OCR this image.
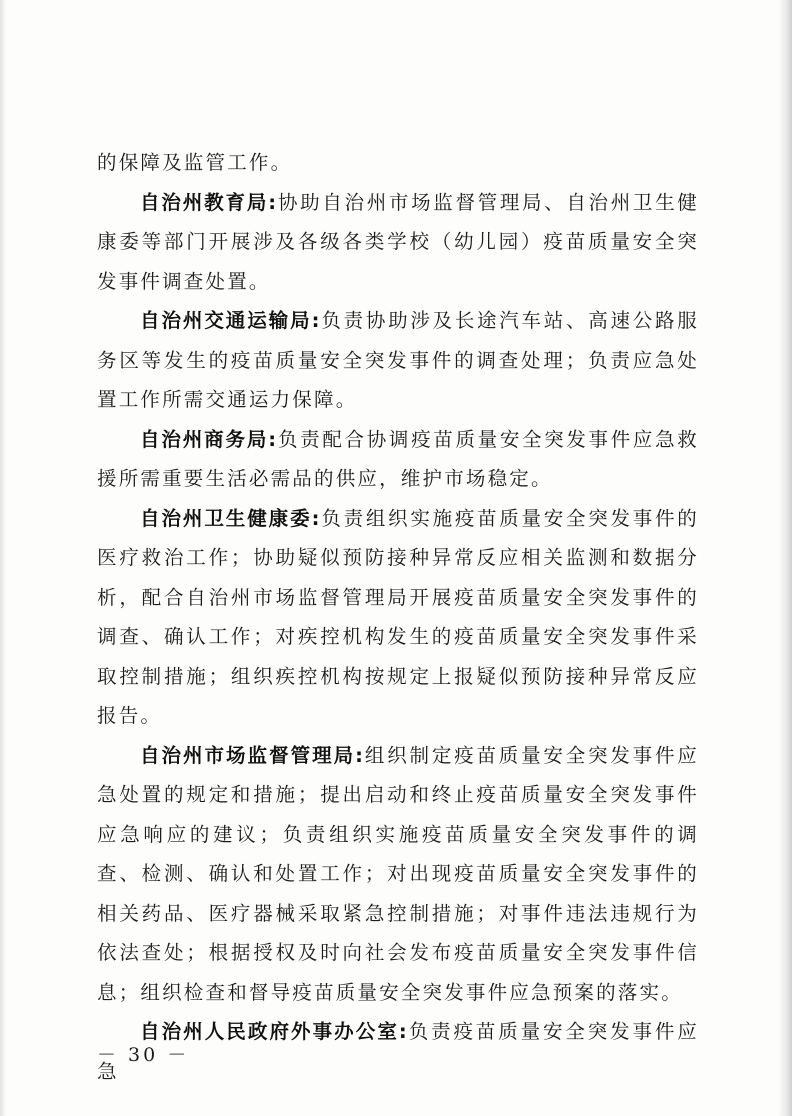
的保障及监管工作。

自治州教育局:协助自治州市场监督管理局、自治州卫生健康委等部门开展涉及各级各类学校（幼儿园）疫苗质量安全突发事件调查处置。

自治州交通运输局:负责协助涉及长途汽车站、高速公路服务区等发生的疫苗质量安全突发事件的调查处理；负责应急处置工作所需交通运力保障。

自治州商务局:负责配合协调疫苗质量安全突发事件应急救援所需重要生活必需品的供应，维护市场稳定。

自治州卫生健康委:负责组织实施疫苗质量安全突发事件的医疗救治工作；协助疑似预防接种异常反应相关监测和数据分析，配合自治州市场监督管理局开展疫苗质量安全突发事件的调查、确认工作；对疾控机构发生的疫苗质量安全突发事件采取控制措施；组织疾控机构按规定上报疑似预防接种异常反应报告。

自治州市场监督管理局:组织制定疫苗质量安全突发事件应急处置的规定和措施；提出启动和终止疫苗质量安全突发事件应急响应的建议；负责组织实施疫苗质量安全突发事件的调查、检测、确认和处置工作；对出现疫苗质量安全突发事件的相关药品、医疗器械采取紧急控制措施；对事件违法违规行为依法查处；根据授权及时向社会发布疫苗质量安全突发事件信息；组织检查和督导疫苗质量安全突发事件应急预案的落实。

自治州人民政府外事办公室:负责疫苗质量安全突发事件应急

－ 30 －
